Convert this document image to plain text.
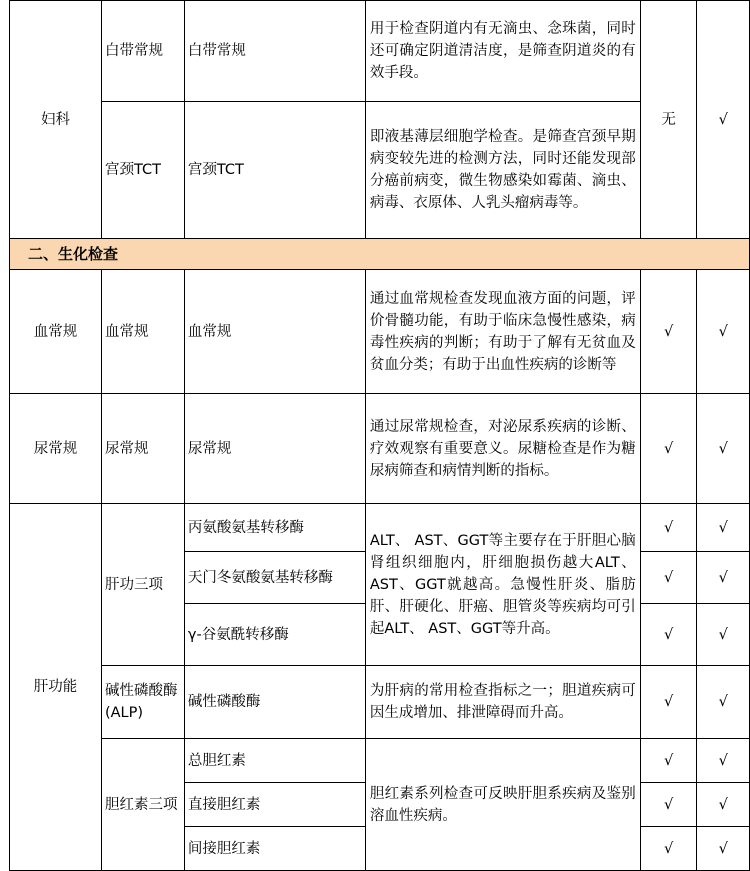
妇科	白带常规	白带常规	用于检查阴道内有无滴虫、念珠菌，同时还可确定阴道清洁度，是筛查阴道炎的有效手段。	无	√
	宫颈TCT	宫颈TCT	即液基薄层细胞学检查。是筛查宫颈早期病变较先进的检测方法，同时还能发现部分癌前病变，微生物感染如霉菌、滴虫、病毒、衣原体、人乳头瘤病毒等。		
二、生化检查					
血常规	血常规	血常规	通过血常规检查发现血液方面的问题，评价骨髓功能，有助于临床急慢性感染，病毒性疾病的判断；有助于了解有无贫血及贫血分类；有助于出血性疾病的诊断等	√	√
尿常规	尿常规	尿常规	通过尿常规检查，对泌尿系疾病的诊断、疗效观察有重要意义。尿糖检查是作为糖尿病筛查和病情判断的指标。	√	√
肝功能	肝功三项	丙氨酸氨基转移酶	ALT、 AST、GGT等主要存在于肝胆心脑肾组织细胞内，肝细胞损伤越大ALT、 AST、GGT就越高。急慢性肝炎、脂肪肝、肝硬化、肝癌、胆管炎等疾病均可引起ALT、 AST、GGT等升高。	√	√
		天门冬氨酸氨基转移酶		√	√
		γ-谷氨酰转移酶		√	√
	碱性磷酸酶(ALP)	碱性磷酸酶	为肝病的常用检查指标之一；胆道疾病可因生成增加、排泄障碍而升高。	√	√
	胆红素三项	总胆红素	胆红素系列检查可反映肝胆系疾病及鉴别溶血性疾病。	√	√
		直接胆红素		√	√
		间接胆红素		√	√
